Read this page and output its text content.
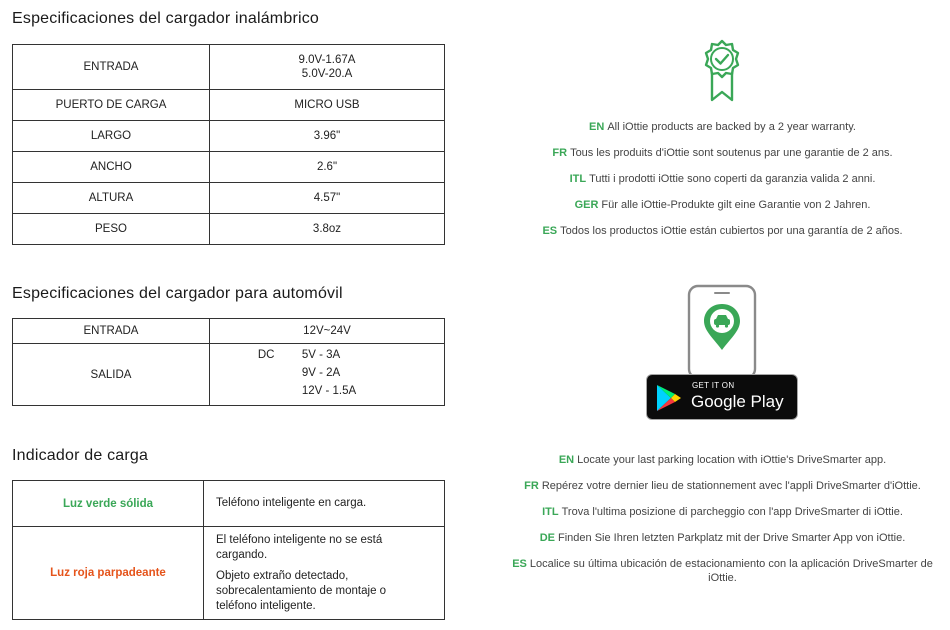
Especificaciones del cargador inalámbrico
ENTRADA	9.0V-1.67A
5.0V-20.A

PUERTO DE CARGA	MICRO USB
LARGO	3.96"
ANCHO	2.6"
ALTURA	4.57"
PESO	3.8oz
Especificaciones del cargador para automóvil
ENTRADA	12V~24V
SALIDA	DC 5V - 3A
9V - 2A
12V - 1.5A
Indicador de carga
Luz verde sólida	Teléfono inteligente en carga.

Luz roja parpadeante	El teléfono inteligente no se está cargando.

Objeto extraño detectado, sobrecalentamiento de montaje o teléfono inteligente.

EN All iOttie products are backed by a 2 year warranty.
FR Tous les produits d'iOttie sont soutenus par une garantie de 2 ans.
ITL Tutti i prodotti iOttie sono coperti da garanzia valida 2 anni.
GER Für alle iOttie-Produkte gilt eine Garantie von 2 Jahren.
ES Todos los productos iOttie están cubiertos por una garantía de 2 años.
GET IT ON
Google Play
EN Locate your last parking location with iOttie's DriveSmarter app.
FR Repérez votre dernier lieu de stationnement avec l'appli DriveSmarter d'iOttie.
ITL Trova l'ultima posizione di parcheggio con l'app DriveSmarter di iOttie.
DE Finden Sie Ihren letzten Parkplatz mit der Drive Smarter App von iOttie.
ES Localice su última ubicación de estacionamiento con la aplicación DriveSmarter de iOttie.
